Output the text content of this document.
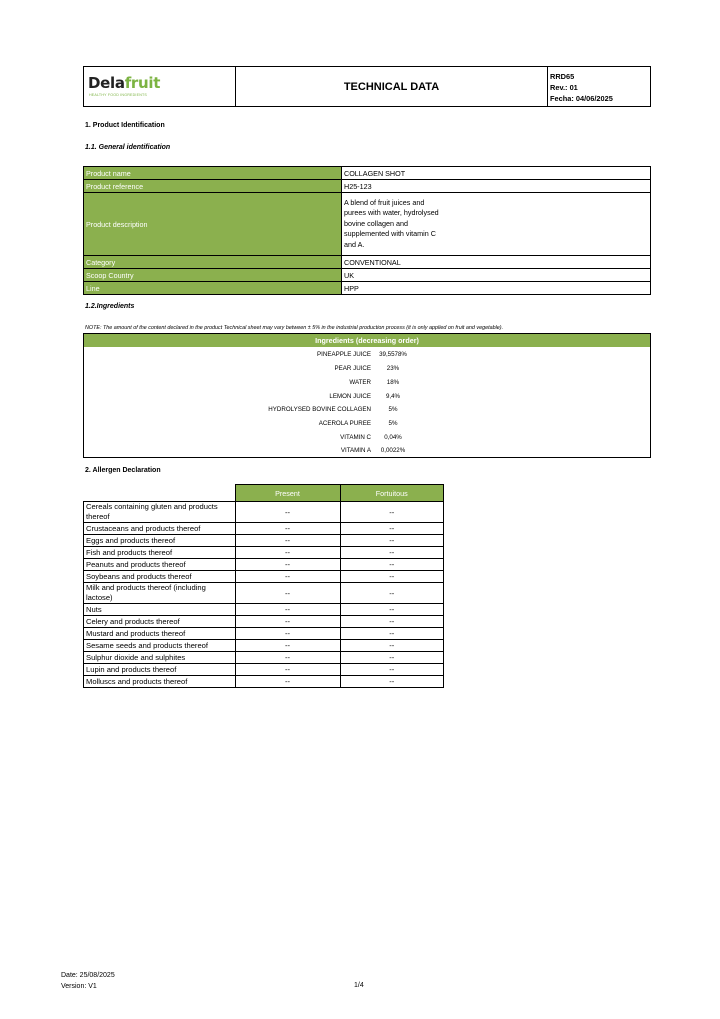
Delafruit
HEALTHY FOOD INGREDIENTS
TECHNICAL DATA
RRD65
Rev.: 01
Fecha: 04/06/2025
1. Product Identification
1.1. General identification
Product name	COLLAGEN SHOT
Product reference	H25-123
Product description	A blend of fruit juices and purees with water, hydrolysed bovine collagen and supplemented with vitamin C and A.

Category	CONVENTIONAL
Scoop Country	UK
Line	HPP
1.2.Ingredients
NOTE: The amount of the content declared in the product Technical sheet may vary between ± 5% in the industrial production process (it is only applied on fruit and vegetable).
Ingredients (decreasing order)
PINEAPPLE JUICE	39,5578%
PEAR JUICE	23%
WATER	18%
LEMON JUICE	9,4%
HYDROLYSED BOVINE COLLAGEN	5%
ACEROLA PUREE	5%
VITAMIN C	0,04%
VITAMIN A	0,0022%
2. Allergen Declaration
	Present	Fortuitous
Cereals containing gluten and products thereof	--	--
Crustaceans and products thereof	--	--
Eggs and products thereof	--	--
Fish and products thereof	--	--
Peanuts and products thereof	--	--
Soybeans and products thereof	--	--
Milk and products thereof (including lactose)	--	--
Nuts	--	--
Celery and products thereof	--	--
Mustard and products thereof	--	--
Sesame seeds and products thereof	--	--
Sulphur dioxide and sulphites	--	--
Lupin and products thereof	--	--
Molluscs and products thereof	--	--
Date: 25/08/2025
Version: V1	1/4
